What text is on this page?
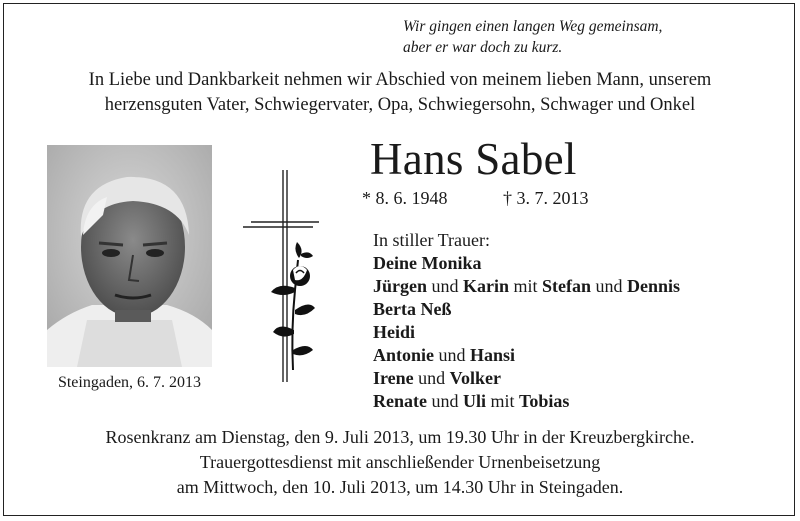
Wir gingen einen langen Weg gemeinsam,
aber er war doch zu kurz.
In Liebe und Dankbarkeit nehmen wir Abschied von meinem lieben Mann, unserem
herzensguten Vater, Schwiegervater, Opa, Schwiegersohn, Schwager und Onkel
Steingaden, 6. 7. 2013
Hans Sabel
* 8. 6. 1948	† 3. 7. 2013
In stiller Trauer:
Deine Monika
Jürgen und Karin mit Stefan und Dennis
Berta Neß
Heidi
Antonie und Hansi
Irene und Volker
Renate und Uli mit Tobias
Rosenkranz am Dienstag, den 9. Juli 2013, um 19.30 Uhr in der Kreuzbergkirche.
Trauergottesdienst mit anschließender Urnenbeisetzung
am Mittwoch, den 10. Juli 2013, um 14.30 Uhr in Steingaden.
